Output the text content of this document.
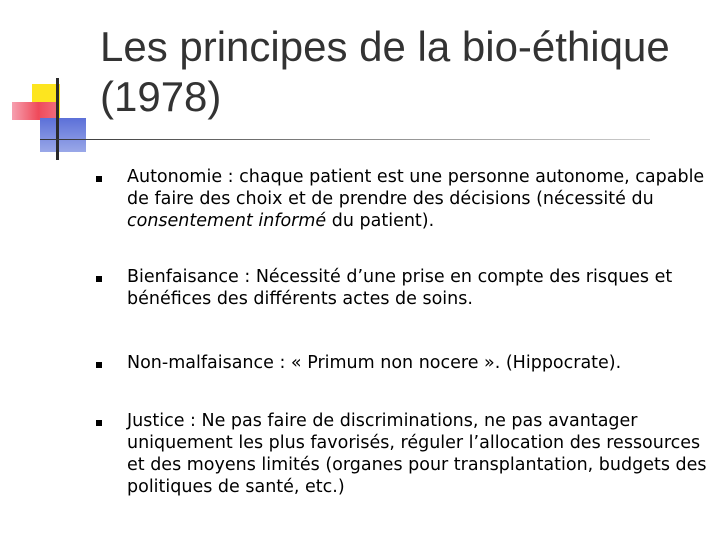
Les principes de la bio-éthique
(1978)
Autonomie : chaque patient est une personne autonome, capable de faire des choix et de prendre des décisions (nécessité du consentement informé du patient).
Bienfaisance : Nécessité d’une prise en compte des risques et bénéfices des différents actes de soins.
Non-malfaisance : « Primum non nocere ». (Hippocrate).
Justice : Ne pas faire de discriminations, ne pas avantager uniquement les plus favorisés, réguler l’allocation des ressources et des moyens limités (organes pour transplantation, budgets des politiques de santé, etc.)
